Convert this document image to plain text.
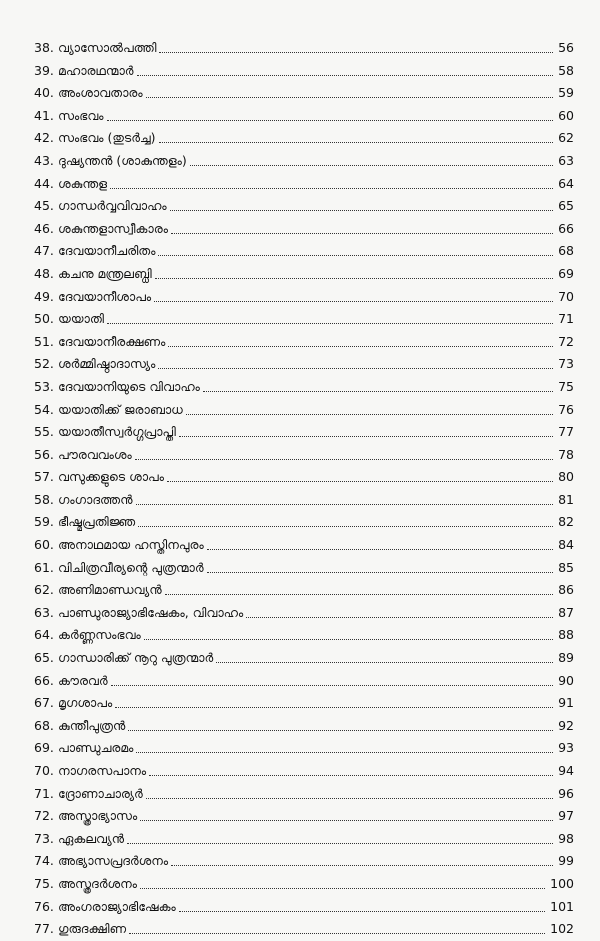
38. വ്യാസോൽപത്തി	56
39. മഹാരഥന്മാർ	58
40. അംശാവതാരം	59
41. സംഭവം	60
42. സംഭവം (തുടർച്ച)	62
43. ദുഷ്യന്തൻ (ശാകുന്തളം)	63
44. ശകുന്തള	64
45. ഗാന്ധർവ്വവിവാഹം	65
46. ശകുന്തളാസ്വീകാരം	66
47. ദേവയാനീചരിതം	68
48. കചനു മന്ത്രലബ്ധി	69
49. ദേവയാനീശാപം	70
50. യയാതി	71
51. ദേവയാനീരക്ഷണം	72
52. ശർമ്മിഷ്ഠാദാസ്യം	73
53. ദേവയാനിയുടെ വിവാഹം	75
54. യയാതിക്ക് ജരാബാധ	76
55. യയാതീസ്വർഗ്ഗപ്രാപ്തി	77
56. പൗരവവംശം	78
57. വസുക്കളുടെ ശാപം	80
58. ഗംഗാദത്തൻ	81
59. ഭീഷ്മപ്രതിജ്ഞ	82
60. അനാഥമായ ഹസ്തിനപുരം	84
61. വിചിത്രവീര്യന്റെ പുത്രന്മാർ	85
62. അണിമാണ്ഡവ്യൻ	86
63. പാണ്ഡുരാജ്യാഭിഷേകം, വിവാഹം	87
64. കർണ്ണസംഭവം	88
65. ഗാന്ധാരിക്ക് നൂറു പുത്രന്മാർ	89
66. കൗരവർ	90
67. മൃഗശാപം	91
68. കുന്തീപുത്രൻ	92
69. പാണ്ഡുചരമം	93
70. നാഗരസപാനം	94
71. ദ്രോണാചാര്യർ	96
72. അസ്ത്രാഭ്യാസം	97
73. ഏകലവ്യൻ	98
74. അഭ്യാസപ്രദർശനം	99
75. അസ്ത്രദർശനം	100
76. അംഗരാജ്യാഭിഷേകം	101
77. ഗുരുദക്ഷിണ	102
